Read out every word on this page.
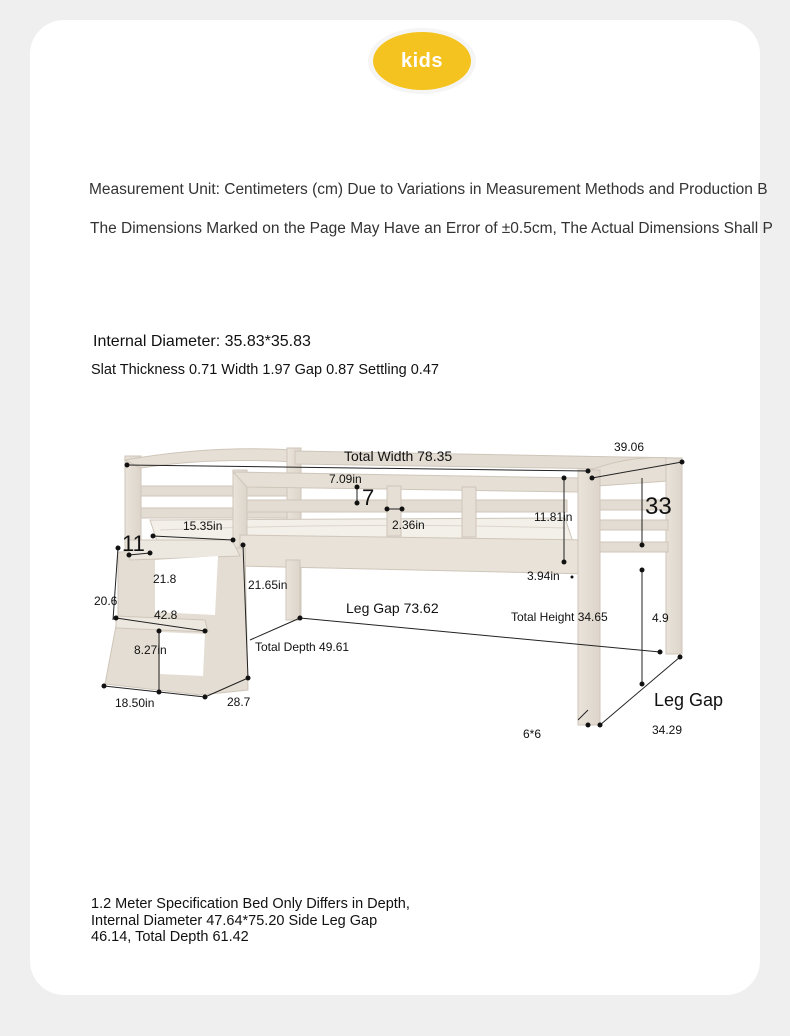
kids
Measurement Unit: Centimeters (cm) Due to Variations in Measurement Methods and Production B
The Dimensions Marked on the Page May Have an Error of ±0.5cm, The Actual Dimensions Shall P
Internal Diameter: 35.83*35.83
Slat Thickness 0.71 Width 1.97 Gap 0.87 Settling 0.47
Total Width 78.35
39.06
7.09in
7	33
15.35in	2.36in
11.81in
11
3.94in
21.8	21.65in
20.6
42.8	Leg Gap 73.62
Total Height 34.65	4.9
8.27in	Total Depth 49.61
Leg Gap
18.50in	28.7
6*6	34.29
1.2 Meter Specification Bed Only Differs in Depth,
Internal Diameter 47.64*75.20 Side Leg Gap
46.14, Total Depth 61.42
